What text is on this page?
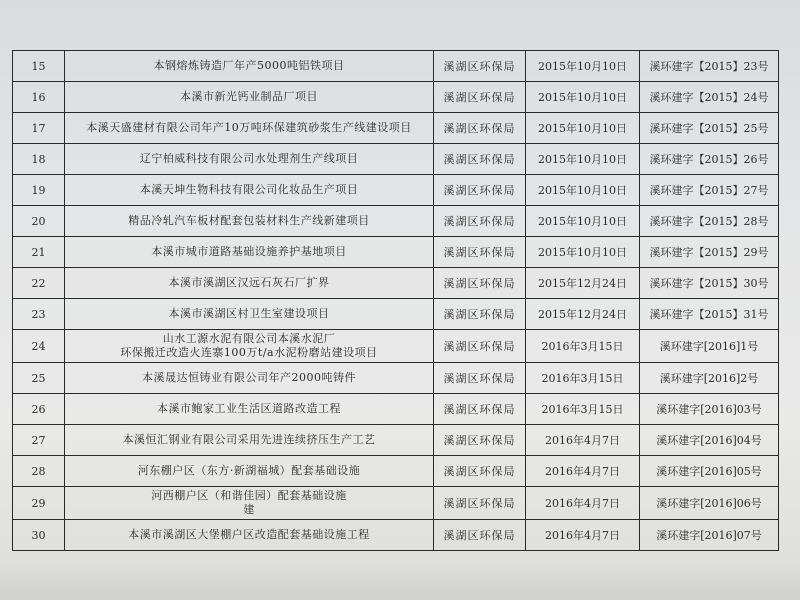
15	本钢熔炼铸造厂年产5000吨铝铁项目	溪湖区环保局	2015年10月10日	溪环建字【2015】23号
16	本溪市新光钙业制品厂项目	溪湖区环保局	2015年10月10日	溪环建字【2015】24号
17	本溪天盛建材有限公司年产10万吨环保建筑砂浆生产线建设项目	溪湖区环保局	2015年10月10日	溪环建字【2015】25号
18	辽宁柏威科技有限公司水处理剂生产线项目	溪湖区环保局	2015年10月10日	溪环建字【2015】26号
19	本溪天坤生物科技有限公司化妆品生产项目	溪湖区环保局	2015年10月10日	溪环建字【2015】27号
20	精品冷轧汽车板材配套包装材料生产线新建项目	溪湖区环保局	2015年10月10日	溪环建字【2015】28号
21	本溪市城市道路基础设施养护基地项目	溪湖区环保局	2015年10月10日	溪环建字【2015】29号
22	本溪市溪湖区汉远石灰石厂扩界	溪湖区环保局	2015年12月24日	溪环建字【2015】30号
23	本溪市溪湖区村卫生室建设项目	溪湖区环保局	2015年12月24日	溪环建字【2015】31号
24	山水工源水泥有限公司本溪水泥厂
环保搬迁改造火连寨100万t/a水泥粉磨站建设项目	溪湖区环保局	2016年3月15日	溪环建字[2016]1号
25	本溪晟达恒铸业有限公司年产2000吨铸件	溪湖区环保局	2016年3月15日	溪环建字[2016]2号
26	本溪市鲍家工业生活区道路改造工程	溪湖区环保局	2016年3月15日	溪环建字[2016]03号
27	本溪恒汇钢业有限公司采用先进连续挤压生产工艺	溪湖区环保局	2016年4月7日	溪环建字[2016]04号
28	河东棚户区（东方·新湖福城）配套基础设施	溪湖区环保局	2016年4月7日	溪环建字[2016]05号
29	河西棚户区（和谐佳园）配套基础设施
建	溪湖区环保局	2016年4月7日	溪环建字[2016]06号
30	本溪市溪湖区大堡棚户区改造配套基础设施工程	溪湖区环保局	2016年4月7日	溪环建字[2016]07号
